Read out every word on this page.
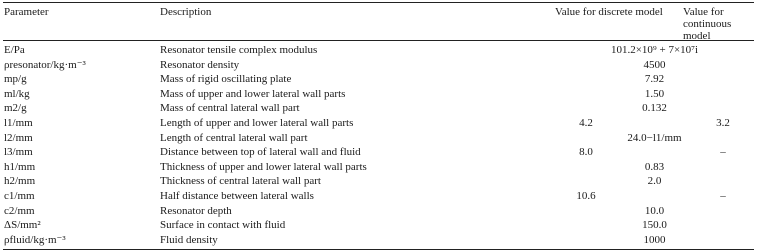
Parameter	Description	Value for discrete model	Value for continuous model
E/Pa	Resonator tensile complex modulus	101.2×10⁹ + 7×10⁷i
ρresonator/kg·m⁻³	Resonator density	4500
mp/g	Mass of rigid oscillating plate	7.92
ml/kg	Mass of upper and lower lateral wall parts	1.50
m2/g	Mass of central lateral wall part	0.132
l1/mm	Length of upper and lower lateral wall parts	4.2	3.2
l2/mm	Length of central lateral wall part	24.0−l1/mm
l3/mm	Distance between top of lateral wall and fluid	8.0	–
h1/mm	Thickness of upper and lower lateral wall parts	0.83
h2/mm	Thickness of central lateral wall part	2.0
c1/mm	Half distance between lateral walls	10.6	–
c2/mm	Resonator depth	10.0
ΔS/mm²	Surface in contact with fluid	150.0
ρfluid/kg·m⁻³	Fluid density	1000
